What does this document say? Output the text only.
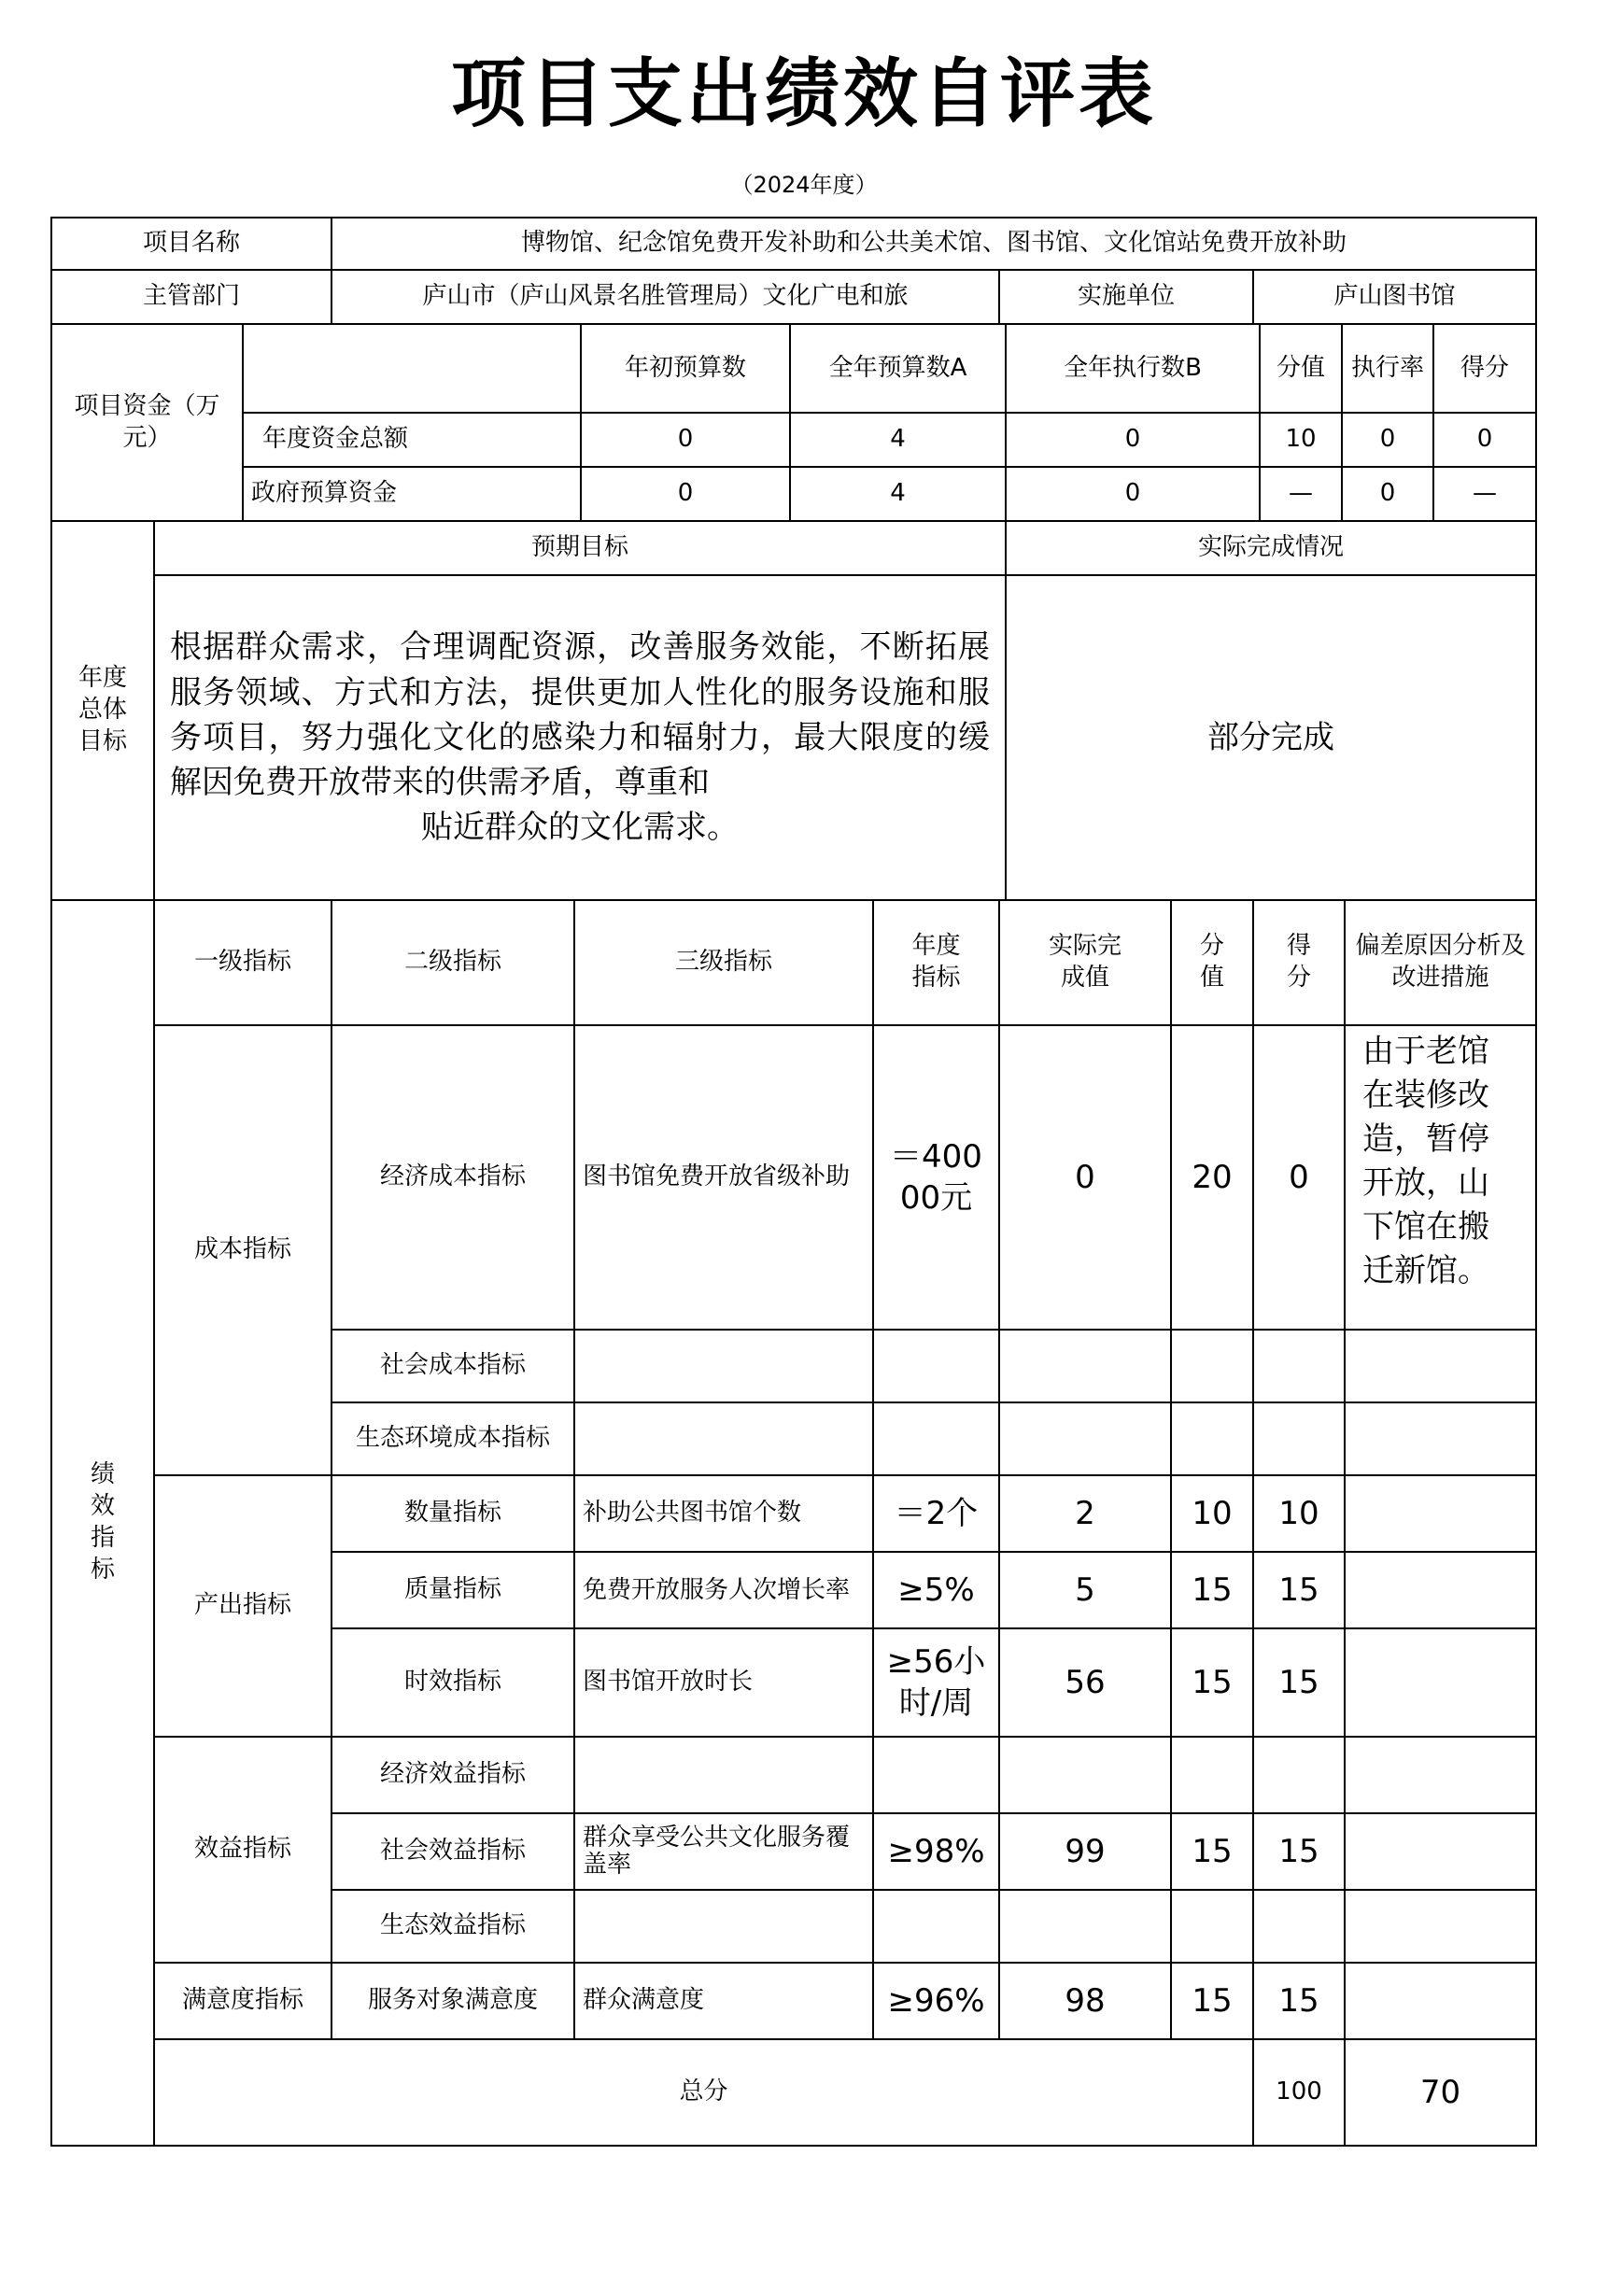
项目支出绩效自评表
（2024年度）
项目名称	博物馆、纪念馆免费开发补助和公共美术馆、图书馆、文化馆站免费开放补助		
主管部门	庐山市（庐山风景名胜管理局）文化广电和旅	实施单位	庐山图书馆
项目资金（万元）		年初预算数	全年预算数A	全年执行数B	分值	执行率	得分
	年度资金总额	0	4	0	10	0	0
	政府预算资金	0	4	0	—	0	—
年度总体目标	预期目标	实际完成情况
	根据群众需求，合理调配资源，改善服务效能，不断拓展服务领域、方式和方法，提供更加人性化的服务设施和服务项目，努力强化文化的感染力和辐射力，最大限度的缓解因免费开放带来的供需矛盾，尊重和
贴近群众的文化需求。	部分完成
绩效指标	一级指标	二级指标	三级指标	年度指标	实际完成值	分值	得分	偏差原因分析及改进措施	
	成本指标	经济成本指标	图书馆免费开放省级补助	＝40000元	0	20	0	由于老馆在装修改造，暂停开放，山下馆在搬迁新馆。	
		社会成本指标							
		生态环境成本指标							
	产出指标	数量指标	补助公共图书馆个数	＝2个	2	10	10		
		质量指标	免费开放服务人次增长率	≥5%	5	15	15		
		时效指标	图书馆开放时长	≥56小时/周	56	15	15		
	效益指标	经济效益指标							
		社会效益指标	群众享受公共文化服务覆盖率	≥98%	99	15	15		
		生态效益指标							
	满意度指标	服务对象满意度	群众满意度	≥96%	98	15	15		
	总分						100	70	
